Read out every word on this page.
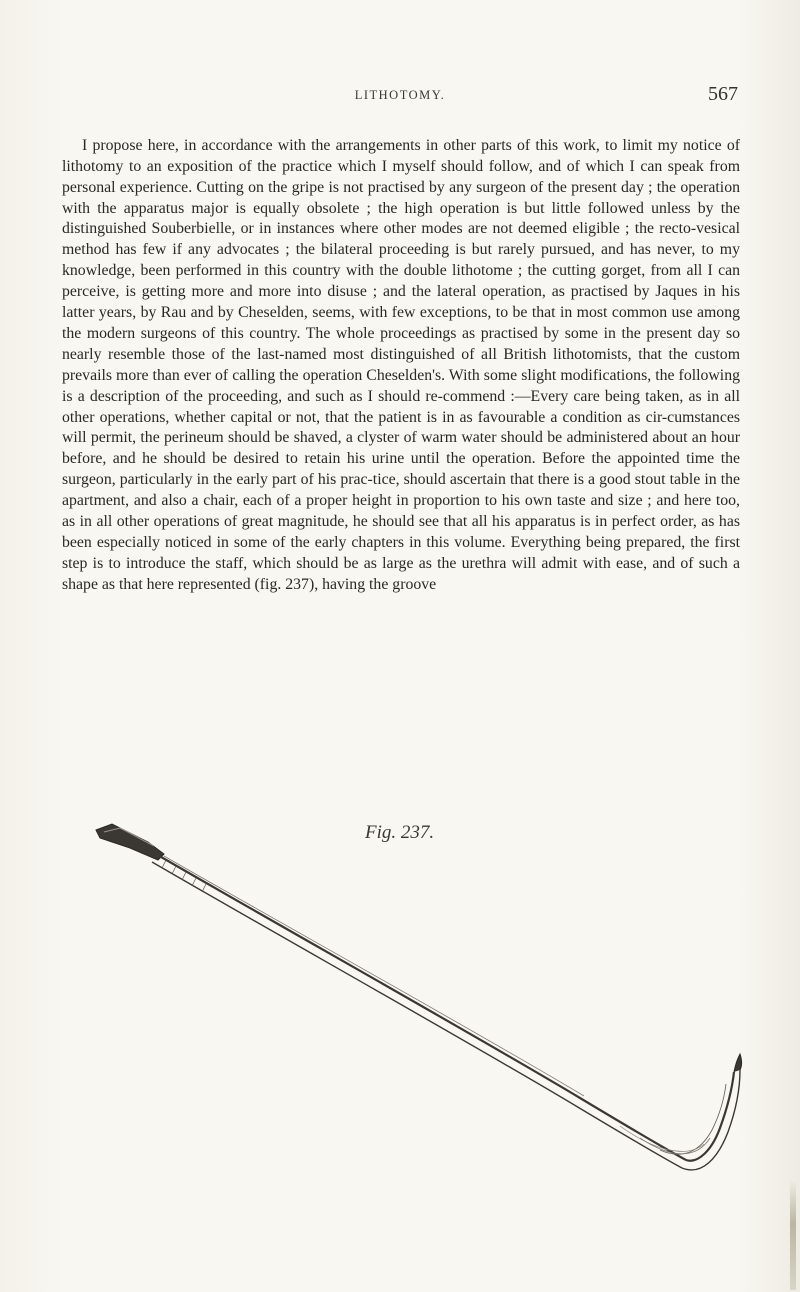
LITHOTOMY.	567

I propose here, in accordance with the arrangements in other parts of this work, to limit my notice of lithotomy to an exposition of the practice which I myself should follow, and of which I can speak from personal experience. Cutting on the gripe is not practised by any surgeon of the present day ; the operation with the apparatus major is equally obsolete ; the high operation is but little followed unless by the distinguished Souberbielle, or in instances where other modes are not deemed eligible ; the recto-vesical method has few if any advocates ; the bilateral proceeding is but rarely pursued, and has never, to my knowledge, been performed in this country with the double lithotome ; the cutting gorget, from all I can perceive, is getting more and more into disuse ; and the lateral operation, as practised by Jaques in his latter years, by Rau and by Cheselden, seems, with few exceptions, to be that in most common use among the modern surgeons of this country. The whole proceedings as practised by some in the present day so nearly resemble those of the last-named most distinguished of all British lithotomists, that the custom prevails more than ever of calling the operation Cheselden's. With some slight modifications, the following is a description of the proceeding, and such as I should re-commend :—Every care being taken, as in all other operations, whether capital or not, that the patient is in as favourable a condition as cir-cumstances will permit, the perineum should be shaved, a clyster of warm water should be administered about an hour before, and he should be desired to retain his urine until the operation. Before the appointed time the surgeon, particularly in the early part of his prac-tice, should ascertain that there is a good stout table in the apartment, and also a chair, each of a proper height in proportion to his own taste and size ; and here too, as in all other operations of great magnitude, he should see that all his apparatus is in perfect order, as has been especially noticed in some of the early chapters in this volume. Everything being prepared, the first step is to introduce the staff, which should be as large as the urethra will admit with ease, and of such a shape as that here represented (fig. 237), having the groove

Fig. 237.
